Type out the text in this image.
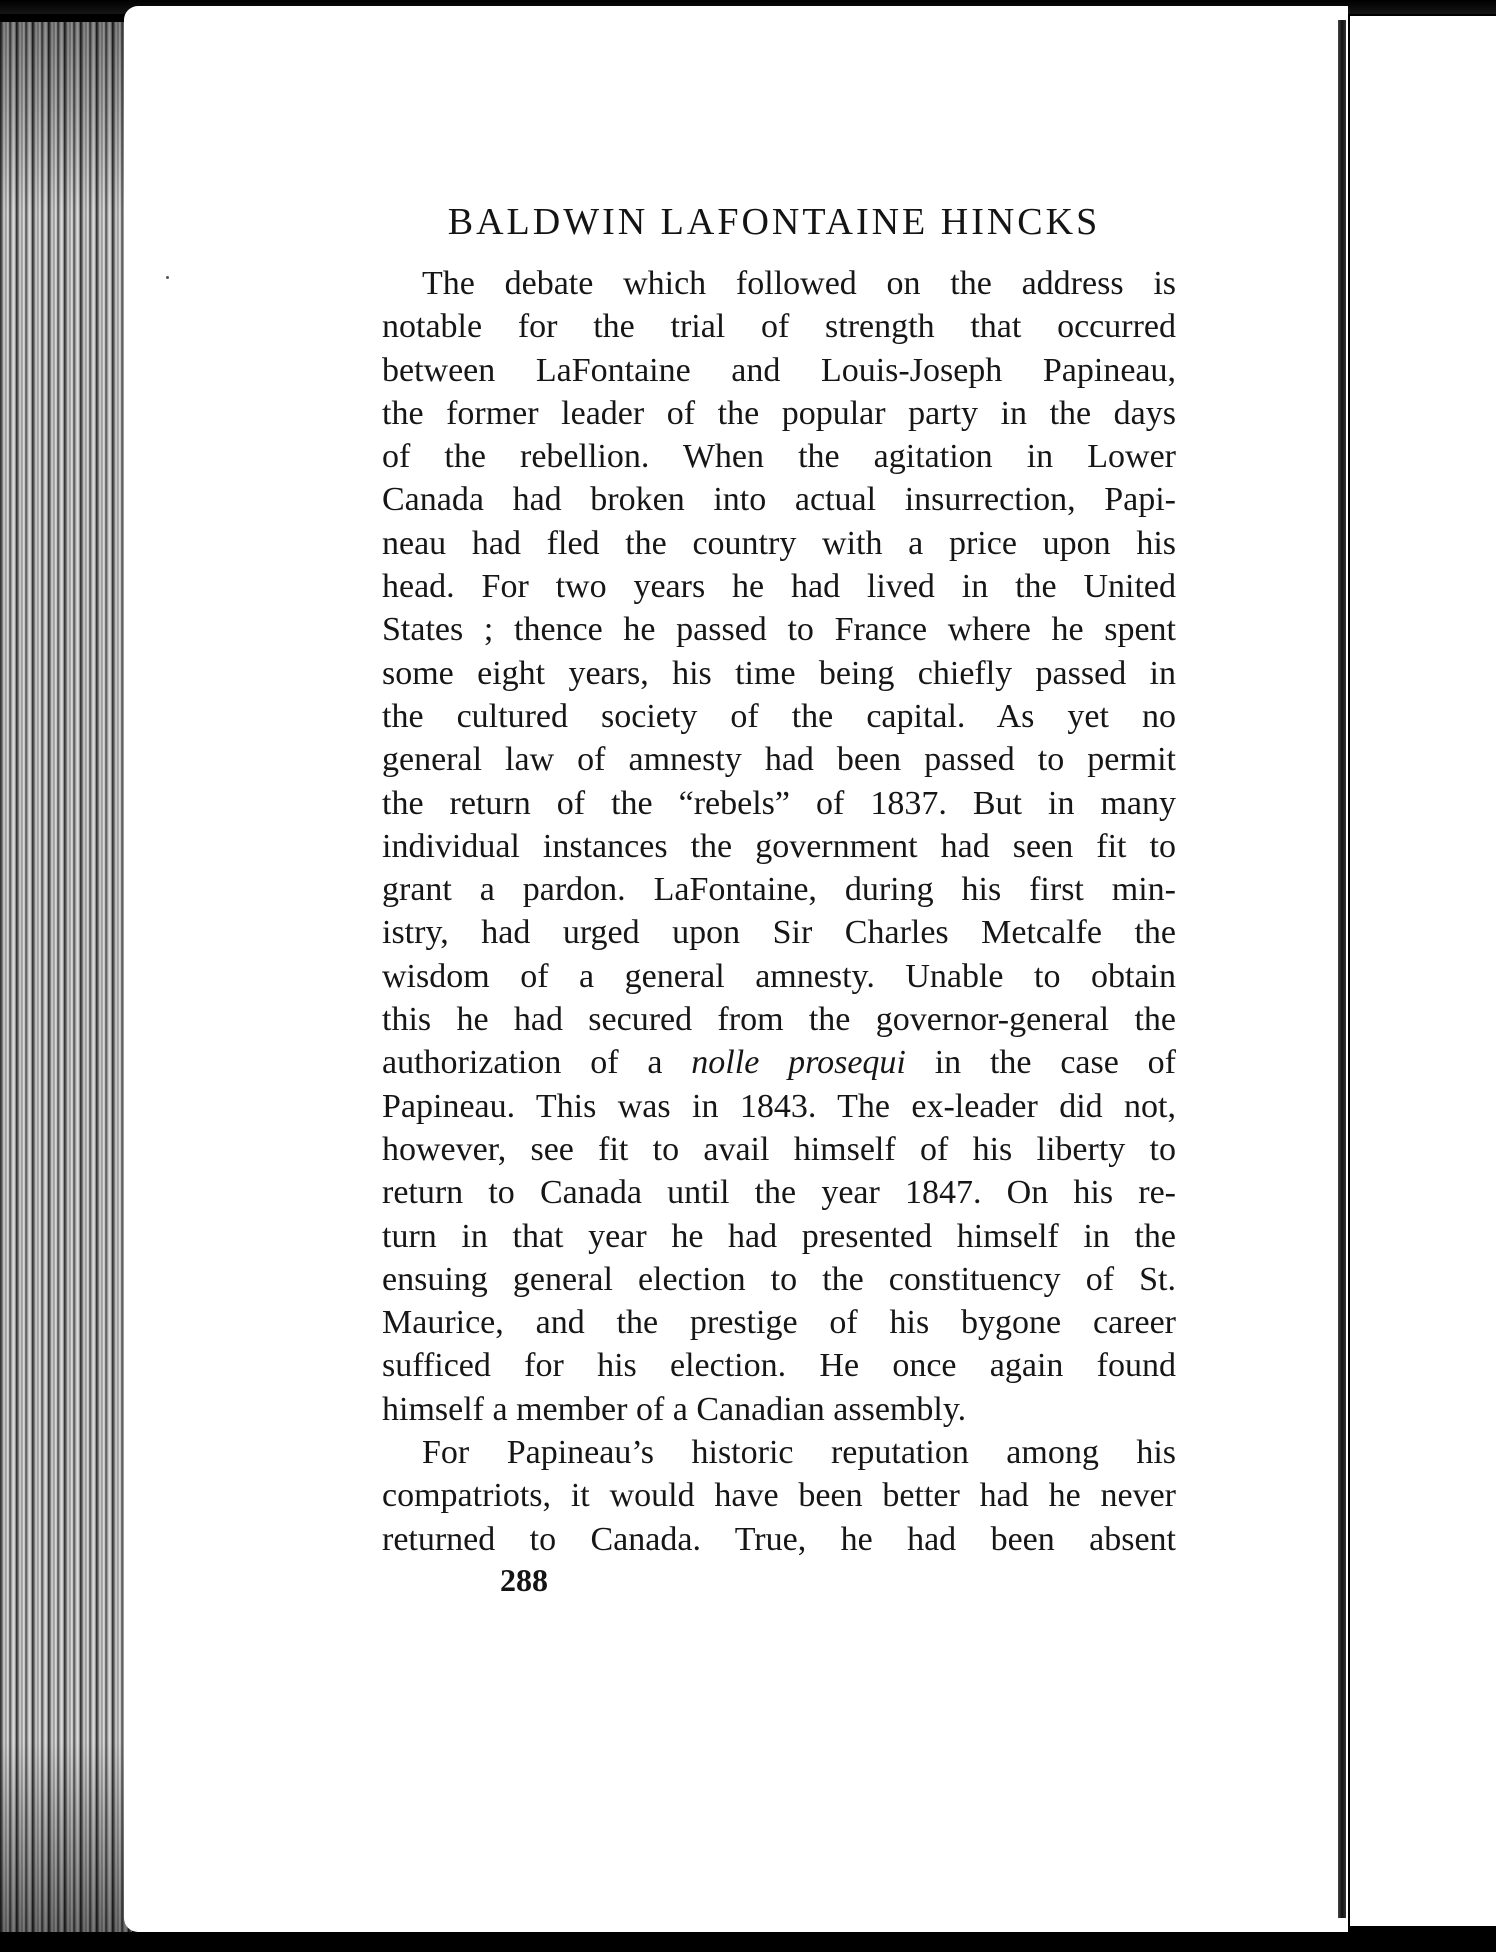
BALDWIN LAFONTAINE HINCKS

The debate which followed on the address is
notable for the trial of strength that occurred
between LaFontaine and Louis-Joseph Papineau,
the former leader of the popular party in the days
of the rebellion. When the agitation in Lower
Canada had broken into actual insurrection, Papi-
neau had fled the country with a price upon his
head. For two years he had lived in the United
States ; thence he passed to France where he spent
some eight years, his time being chiefly passed in
the cultured society of the capital. As yet no
general law of amnesty had been passed to permit
the return of the “rebels” of 1837. But in many
individual instances the government had seen fit to
grant a pardon. LaFontaine, during his first min-
istry, had urged upon Sir Charles Metcalfe the
wisdom of a general amnesty. Unable to obtain
this he had secured from the governor-general the
authorization of a nolle prosequi in the case of
Papineau. This was in 1843. The ex-leader did not,
however, see fit to avail himself of his liberty to
return to Canada until the year 1847. On his re-
turn in that year he had presented himself in the
ensuing general election to the constituency of St.
Maurice, and the prestige of his bygone career
sufficed for his election. He once again found
himself a member of a Canadian assembly.

For Papineau’s historic reputation among his
compatriots, it would have been better had he never
returned to Canada. True, he had been absent

288
